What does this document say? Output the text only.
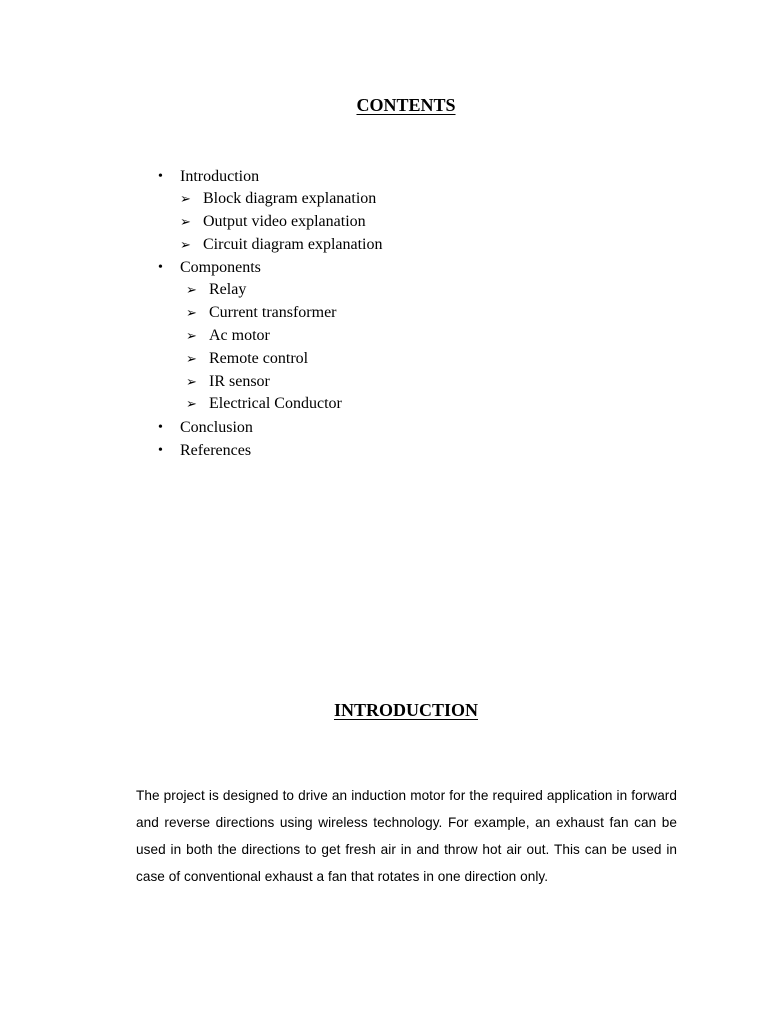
CONTENTS
•	Introduction
➢ Block diagram explanation
➢ Output video explanation
➢ Circuit diagram explanation
•	Components
➢ Relay
➢ Current transformer
➢ Ac motor
➢ Remote control
➢ IR sensor
➢ Electrical Conductor
•	Conclusion
•	References
INTRODUCTION

The project is designed to drive an induction motor for the required application in forward and reverse directions using wireless technology. For example, an exhaust fan can be used in both the directions to get fresh air in and throw hot air out. This can be used in case of conventional exhaust a fan that rotates in one direction only.
